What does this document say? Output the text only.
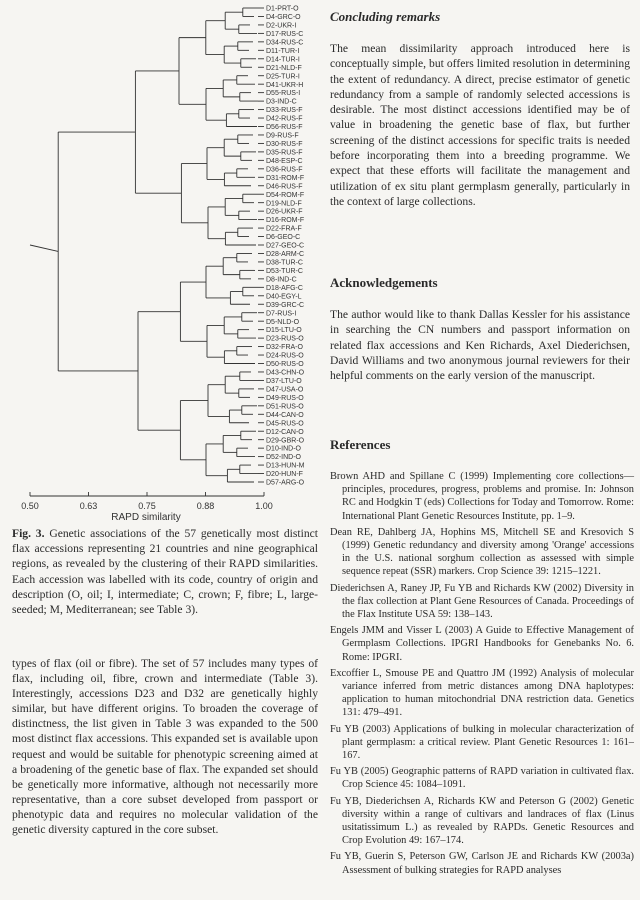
D1-PRT-O
D4-GRC-O
D2-UKR-I
D17-RUS-C
D34-RUS-C
D11-TUR-I
D14-TUR-I
D21-NLD-F
D25-TUR-I
D41-UKR-H
D55-RUS-I
D3-IND-C
D33-RUS-F
D42-RUS-F
D56-RUS-F
D9-RUS-F
D30-RUS-F
D35-RUS-F
D48-ESP-C
D36-RUS-F
D31-ROM-F
D46-RUS-F
D54-ROM-F
D19-NLD-F
D26-UKR-F
D16-ROM-F
D22-FRA-F
D6-GEO-C
D27-GEO-C
D28-ARM-C
D38-TUR-C
D53-TUR-C
D8-IND-C
D18-AFG-C
D40-EGY-L
D39-GRC-C
D7-RUS-I
D5-NLD-O
D15-LTU-O
D23-RUS-O
D32-FRA-O
D24-RUS-O
D50-RUS-O
D43-CHN-O
D37-LTU-O
D47-USA-O
D49-RUS-O
D51-RUS-O
D44-CAN-O
D45-RUS-O
D12-CAN-O
D29-GBR-O
D10-IND-O
D52-IND-O
D13-HUN-M
D20-HUN-F
D57-ARG-O
0.50	0.63	0.75	0.88	1.00
RAPD similarity
Fig. 3. Genetic associations of the 57 genetically most distinct flax accessions representing 21 countries and nine geographical regions, as revealed by the clustering of their RAPD similarities. Each accession was labelled with its code, country of origin and description (O, oil; I, intermediate; C, crown; F, fibre; L, large-seeded; M, Mediterranean; see Table 3).
types of flax (oil or fibre). The set of 57 includes many types of flax, including oil, fibre, crown and intermediate (Table 3). Interestingly, accessions D23 and D32 are genetically highly similar, but have different origins. To broaden the coverage of distinctness, the list given in Table 3 was expanded to the 500 most distinct flax accessions. This expanded set is available upon request and would be suitable for phenotypic screening aimed at a broadening of the genetic base of flax. The expanded set should be genetically more informative, although not necessarily more representative, than a core subset developed from passport or phenotypic data and requires no molecular validation of the genetic diversity captured in the core subset.
Concluding remarks
The mean dissimilarity approach introduced here is conceptually simple, but offers limited resolution in determining the extent of redundancy. A direct, precise estimator of genetic redundancy from a sample of randomly selected accessions is desirable. The most distinct accessions identified may be of value in broadening the genetic base of flax, but further screening of the distinct accessions for specific traits is needed before incorporating them into a breeding programme. We expect that these efforts will facilitate the management and utilization of ex situ plant germplasm generally, particularly in the context of large collections.
Acknowledgements
The author would like to thank Dallas Kessler for his assistance in searching the CN numbers and passport information on related flax accessions and Ken Richards, Axel Diederichsen, David Williams and two anonymous journal reviewers for their helpful comments on the early version of the manuscript.
References
Brown AHD and Spillane C (1999) Implementing core collections—principles, procedures, progress, problems and promise. In: Johnson RC and Hodgkin T (eds) Collections for Today and Tomorrow. Rome: International Plant Genetic Resources Institute, pp. 1–9.
Dean RE, Dahlberg JA, Hophins MS, Mitchell SE and Kresovich S (1999) Genetic redundancy and diversity among 'Orange' accessions in the U.S. national sorghum collection as assessed with simple sequence repeat (SSR) markers. Crop Science 39: 1215–1221.
Diederichsen A, Raney JP, Fu YB and Richards KW (2002) Diversity in the flax collection at Plant Gene Resources of Canada. Proceedings of the Flax Institute USA 59: 138–143.
Engels JMM and Visser L (2003) A Guide to Effective Management of Germplasm Collections. IPGRI Handbooks for Genebanks No. 6. Rome: IPGRI.
Excoffier L, Smouse PE and Quattro JM (1992) Analysis of molecular variance inferred from metric distances among DNA haplotypes: application to human mitochondrial DNA restriction data. Genetics 131: 479–491.
Fu YB (2003) Applications of bulking in molecular characterization of plant germplasm: a critical review. Plant Genetic Resources 1: 161–167.
Fu YB (2005) Geographic patterns of RAPD variation in cultivated flax. Crop Science 45: 1084–1091.
Fu YB, Diederichsen A, Richards KW and Peterson G (2002) Genetic diversity within a range of cultivars and landraces of flax (Linus usitatissimum L.) as revealed by RAPDs. Genetic Resources and Crop Evolution 49: 167–174.
Fu YB, Guerin S, Peterson GW, Carlson JE and Richards KW (2003a) Assessment of bulking strategies for RAPD analyses
